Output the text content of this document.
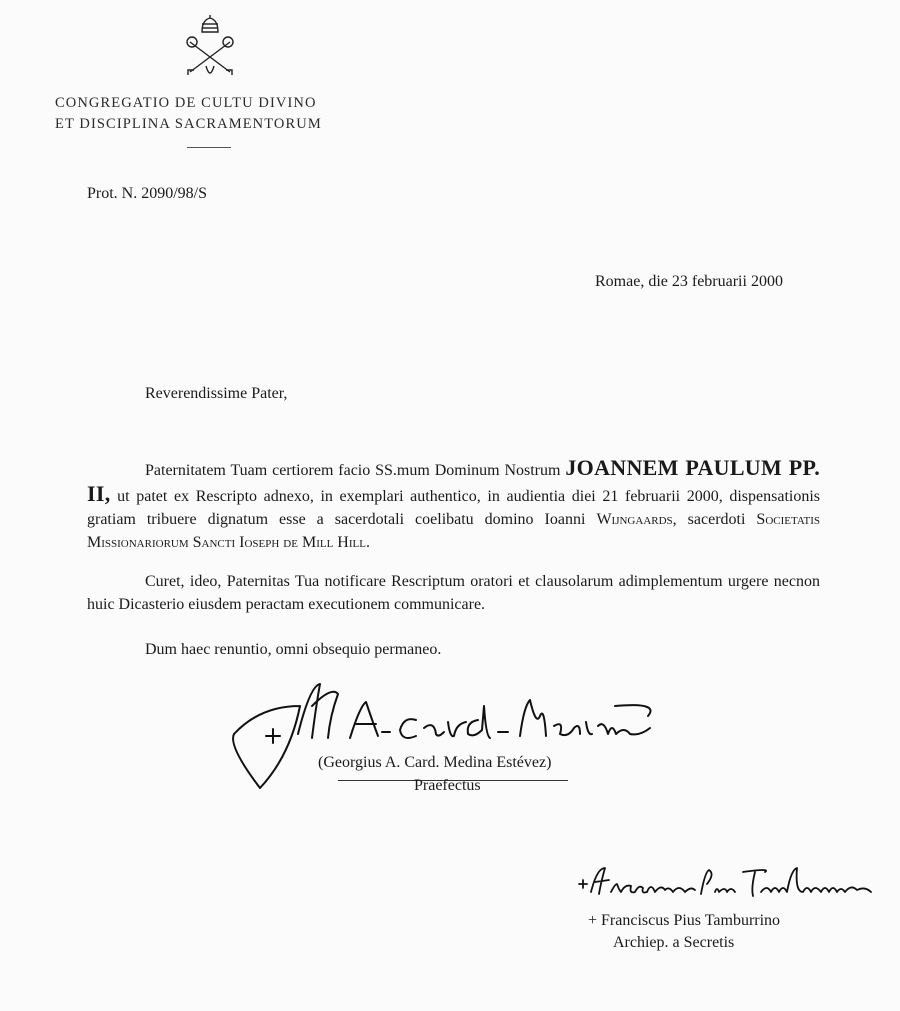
CONGREGATIO DE CULTU DIVINO
ET DISCIPLINA SACRAMENTORUM
Prot. N. 2090/98/S
Romae, die 23 februarii 2000
Reverendissime Pater,
Paternitatem Tuam certiorem facio SS.mum Dominum Nostrum JOANNEM PAULUM PP. II, ut patet ex Rescripto adnexo, in exemplari authentico, in audientia diei 21 februarii 2000, dispensationis gratiam tribuere dignatum esse a sacerdotali coelibatu domino Ioanni Wijngaards, sacerdoti Societatis Missionariorum Sancti Ioseph de Mill Hill.
Curet, ideo, Paternitas Tua notificare Rescriptum oratori et clausolarum adimplementum urgere necnon huic Dicasterio eiusdem peractam executionem communicare.
Dum haec renuntio, omni obsequio permaneo.
(Georgius A. Card. Medina Estévez)
Praefectus
+ Franciscus Pius Tamburrino
Archiep. a Secretis
